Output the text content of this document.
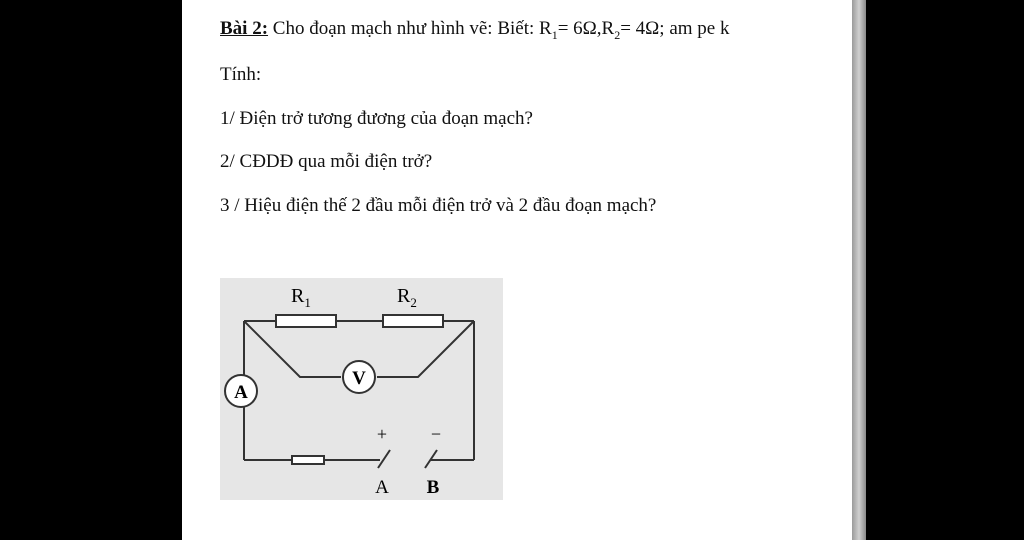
Bài 2: Cho đoạn mạch như hình vẽ: Biết: $R_1= 6\Omega,R_2= 4\Omega$; am pe k
Tính:
1/ Điện trở tương đương của đoạn mạch?
2/ CĐDĐ qua mỗi điện trở?
3 / Hiệu điện thế 2 đầu mỗi điện trở và 2 đầu đoạn mạch?
$R_1$	$R_2$
V
A
+ −
A B
